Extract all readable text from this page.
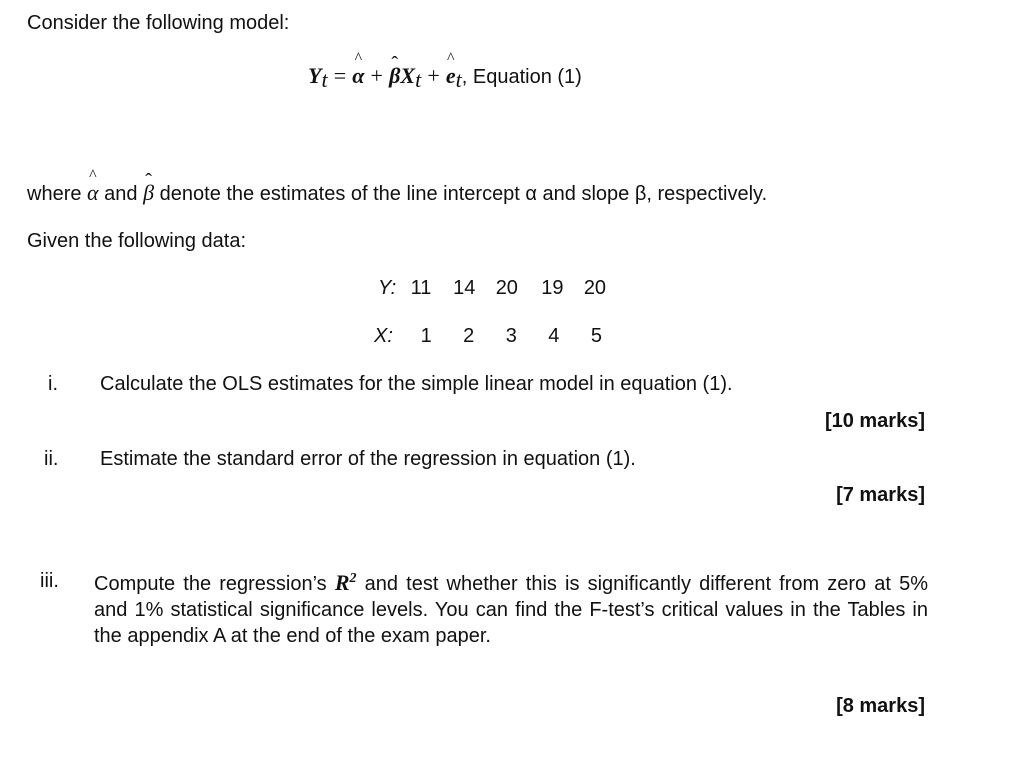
Consider the following model:
$Y_t = \alpha$ ^ + β ˆX$_t$ + e $\^{}_t$, Equation (1)
where α ^ and β ˆ denote the estimates of the line intercept α and slope β, respectively.
Given the following data:
Y: 11 14 20 19 20
X: 1 2 3 4 5
i. Calculate the OLS estimates for the simple linear model in equation (1).
[10 marks]
ii. Estimate the standard error of the regression in equation (1).
[7 marks]
iii. Compute the regression’s $R^2$ and test whether this is significantly different from zero at 5% and 1% statistical significance levels. You can find the F-test’s critical values in the Tables in the appendix A at the end of the exam paper.
[8 marks]
